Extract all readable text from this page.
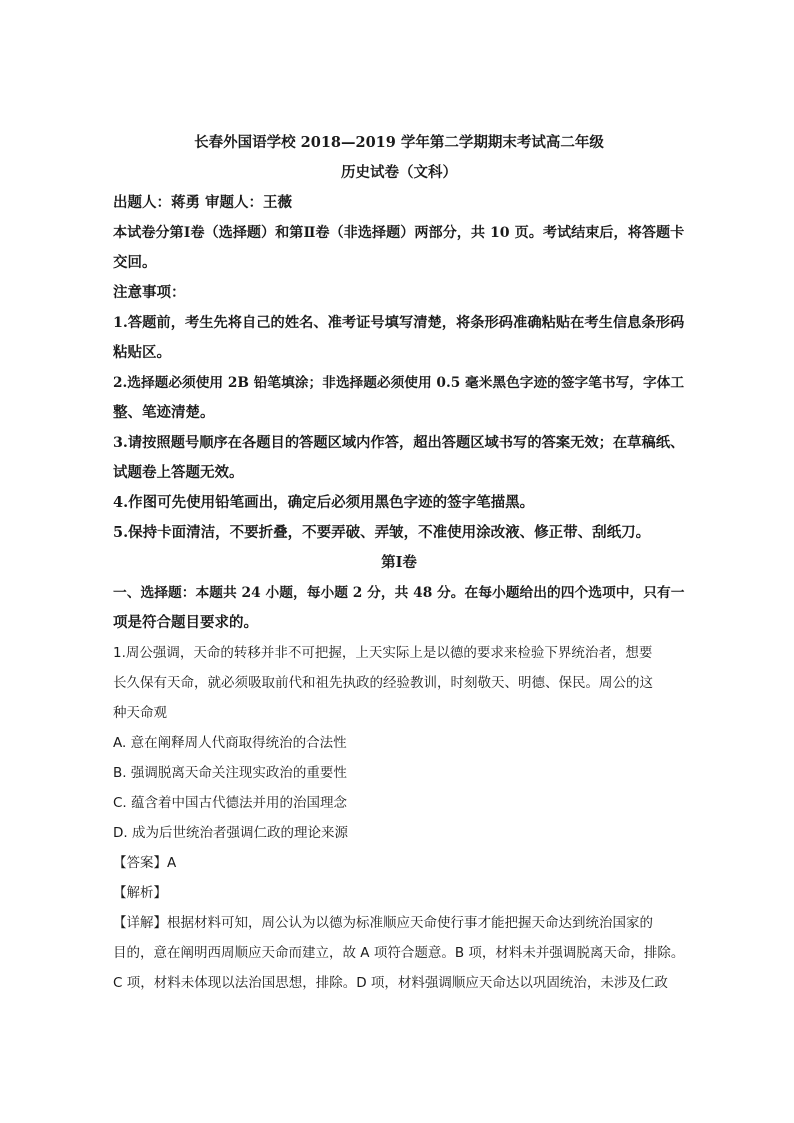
长春外国语学校 2018—2019 学年第二学期期末考试高二年级
历史试卷（文科）
出题人：蒋勇 审题人：王薇
本试卷分第Ⅰ卷（选择题）和第Ⅱ卷（非选择题）两部分，共 10 页。考试结束后，将答题卡
交回。
注意事项：
1.答题前，考生先将自己的姓名、准考证号填写清楚，将条形码准确粘贴在考生信息条形码
粘贴区。
2.选择题必须使用 2B 铅笔填涂；非选择题必须使用 0.5 毫米黑色字迹的签字笔书写，字体工
整、笔迹清楚。
3.请按照题号顺序在各题目的答题区域内作答，超出答题区域书写的答案无效；在草稿纸、
试题卷上答题无效。
4.作图可先使用铅笔画出，确定后必须用黑色字迹的签字笔描黑。
5.保持卡面清洁，不要折叠，不要弄破、弄皱，不准使用涂改液、修正带、刮纸刀。
第Ⅰ卷
一、选择题：本题共 24 小题，每小题 2 分，共 48 分。在每小题给出的四个选项中，只有一
项是符合题目要求的。
1.周公强调，天命的转移并非不可把握，上天实际上是以德的要求来检验下界统治者，想要
长久保有天命，就必须吸取前代和祖先执政的经验教训，时刻敬天、明德、保民。周公的这
种天命观
A. 意在阐释周人代商取得统治的合法性
B. 强调脱离天命关注现实政治的重要性
C. 蕴含着中国古代德法并用的治国理念
D. 成为后世统治者强调仁政的理论来源
【答案】A
【解析】
【详解】根据材料可知，周公认为以德为标准顺应天命使行事才能把握天命达到统治国家的
目的，意在阐明西周顺应天命而建立，故 A 项符合题意。B 项，材料未并强调脱离天命，排除。
C 项，材料未体现以法治国思想，排除。D 项，材料强调顺应天命达以巩固统治，未涉及仁政
